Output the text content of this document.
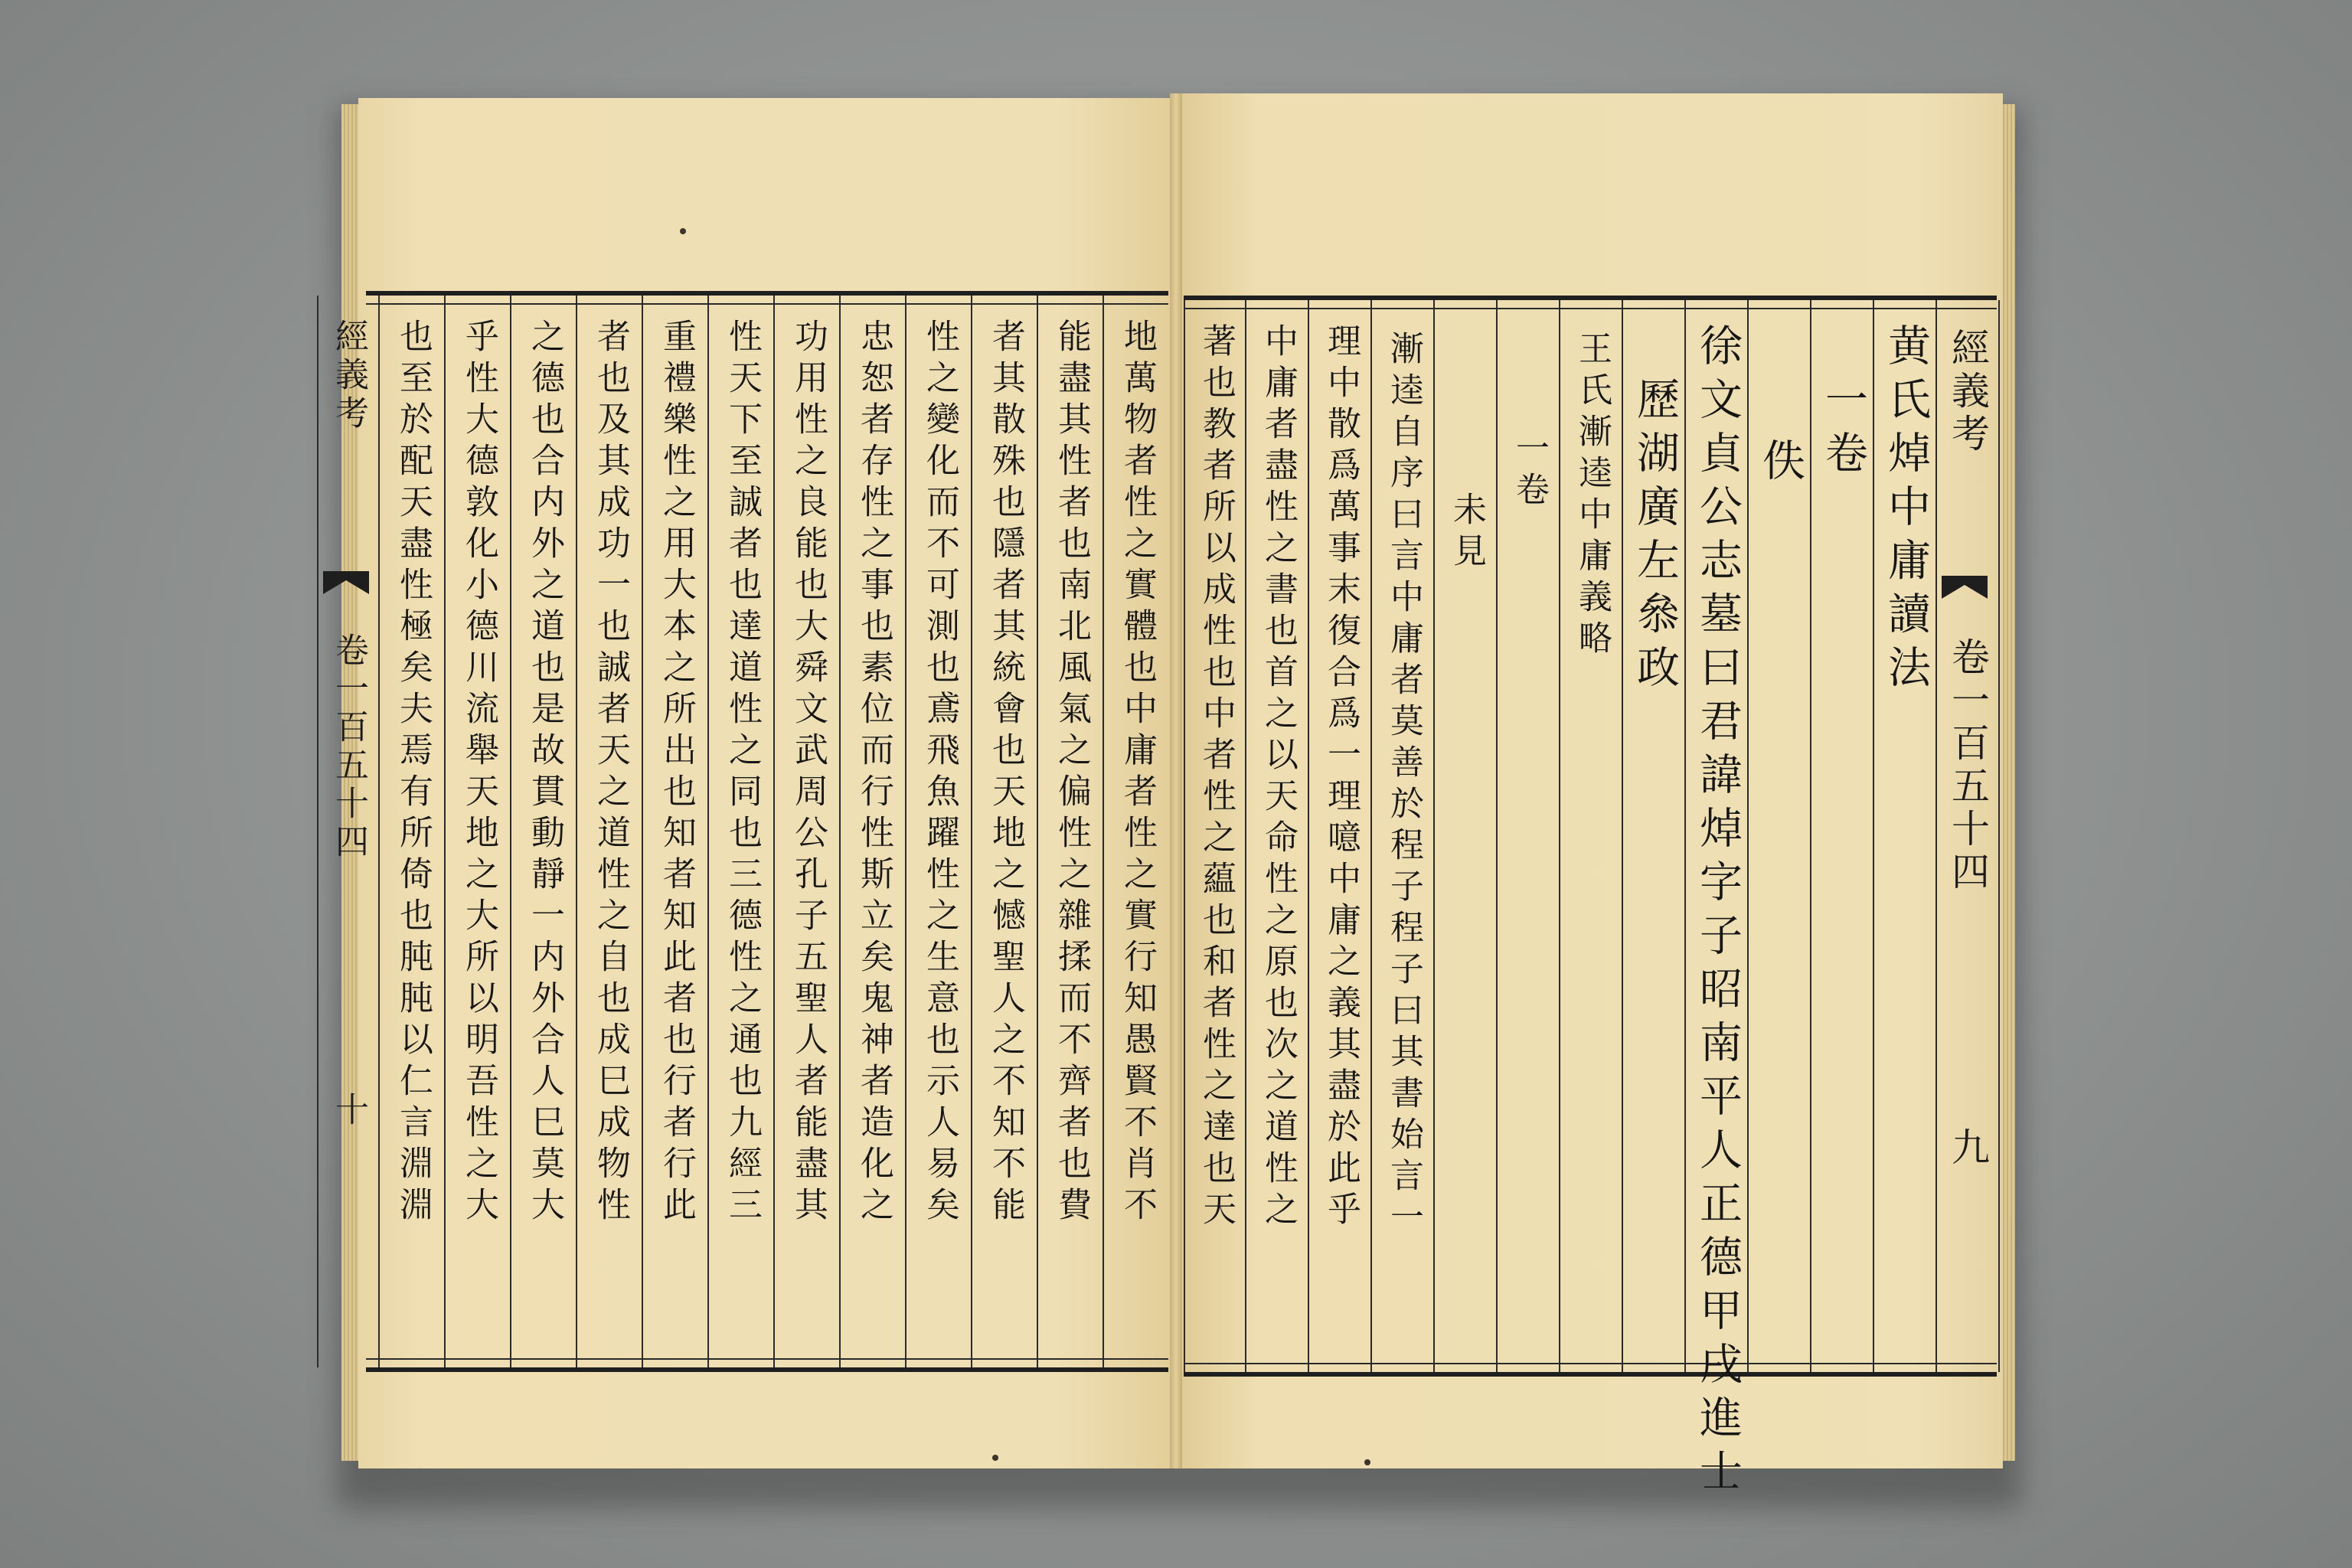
經義考
卷一百五十四
九
黄氏焯中庸讀法
一卷
佚
徐文貞公志墓曰君諱焯字子昭南平人正德甲戌進士
歷湖廣左叅政
王氏漸逵中庸義略
一卷
未見
漸逵自序曰言中庸者莫善於程子程子曰其書始言一
理中散爲萬事末復合爲一理噫中庸之義其盡於此乎
中庸者盡性之書也首之以天命性之原也次之道性之
著也教者所以成性也中者性之藴也和者性之達也天
地萬物者性之實體也中庸者性之實行知愚賢不肖不
能盡其性者也南北風氣之偏性之雜揉而不齊者也費
者其散殊也隱者其統會也天地之憾聖人之不知不能
性之變化而不可測也鳶飛魚躍性之生意也示人易矣
忠恕者存性之事也素位而行性斯立矣鬼神者造化之
功用性之良能也大舜文武周公孔子五聖人者能盡其
性天下至誠者也達道性之同也三德性之通也九經三
重禮樂性之用大本之所出也知者知此者也行者行此
者也及其成功一也誠者天之道性之自也成巳成物性
之德也合内外之道也是故貫動靜一内外合人巳莫大
乎性大德敦化小德川流舉天地之大所以明吾性之大
也至於配天盡性極矣夫焉有所倚也肫肫以仁言淵淵
經義考
卷一百五十四
十
